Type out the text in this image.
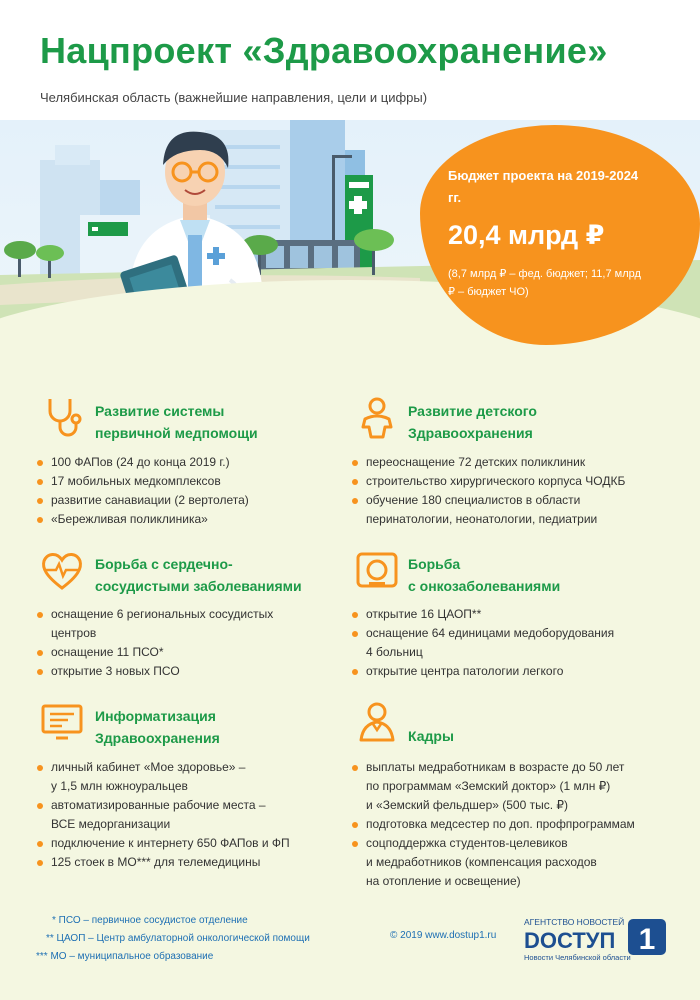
Нацпроект «Здравоохранение»
Челябинская область (важнейшие направления, цели и цифры)
Бюджет проекта на 2019-2024 гг.
20,4 млрд ₽
(8,7 млрд ₽ – фед. бюджет; 11,7 млрд ₽ – бюджет ЧО)
Развитие системы
первичной медпомощи
100 ФАПов (24 до конца 2019 г.)
17 мобильных медкомплексов
развитие санавиации (2 вертолета)
«Бережливая поликлиника»
Развитие детского
Здравоохранения
переоснащение 72 детских поликлиник
строительство хирургического корпуса ЧОДКБ
обучение 180 специалистов в области
перинатологии, неонатологии, педиатрии
Борьба с сердечно-
сосудистыми заболеваниями
оснащение 6 региональных сосудистых
центров
оснащение 11 ПСО*
открытие 3 новых ПСО
Борьба
с онкозаболеваниями
открытие 16 ЦАОП**
оснащение 64 единицами медоборудования
4 больниц
открытие центра патологии легкого
Информатизация
Здравоохранения
личный кабинет «Мое здоровье» –
у 1,5 млн южноуральцев
автоматизированные рабочие места –
ВСЕ медорганизации
подключение к интернету 650 ФАПов и ФП
125 стоек в МО*** для телемедицины
Кадры
выплаты медработникам в возрасте до 50 лет
по программам «Земский доктор» (1 млн ₽)
и «Земский фельдшер» (500 тыс. ₽)
подготовка медсестер по доп. профпрограммам
соцподдержка студентов-целевиков
и медработников (компенсация расходов
на отопление и освещение)
* ПСО – первичное сосудистое отделение
** ЦАОП – Центр амбулаторной онкологической помощи
*** МО – муниципальное образование
© 2019 www.dostup1.ru
АГЕНТСТВО НОВОСТЕЙ
DОСТУП 1
Новости Челябинской области
